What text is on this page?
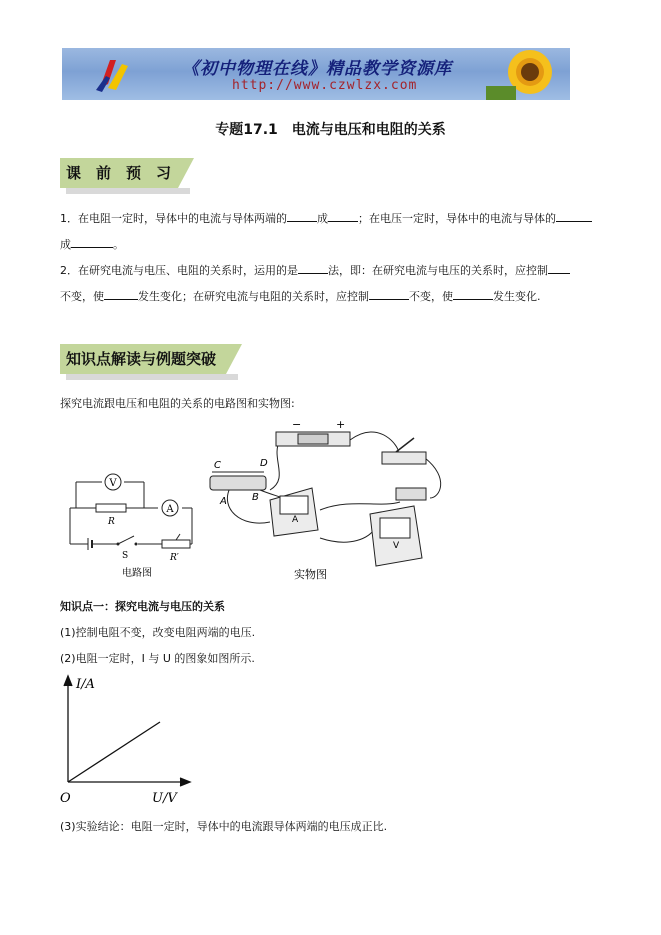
《初中物理在线》精品教学资源库
http://www.czwlzx.com
专题17.1　电流与电压和电阻的关系
课　前　预　习
1．在电阻一定时，导体中的电流与导体两端的	成	；在电压一定时，导体中的电流与导体的
成	。
2．在研究电流与电压、电阻的关系时，运用的是	法，即：在研究电流与电压的关系时，应控制
不变，使	发生变化；在研究电流与电阻的关系时，应控制	不变，使	发生变化.
知识点解读与例题突破
探究电流跟电压和电阻的关系的电路图和实物图:
V
A
R
S	R′
电路图
−	+
C	D
A	B
A
V
实物图
知识点一：探究电流与电压的关系
(1)控制电阻不变，改变电阻两端的电压.
(2)电阻一定时，I 与 U 的图象如图所示.
I/A
U/V
O
(3)实验结论：电阻一定时，导体中的电流跟导体两端的电压成正比.
